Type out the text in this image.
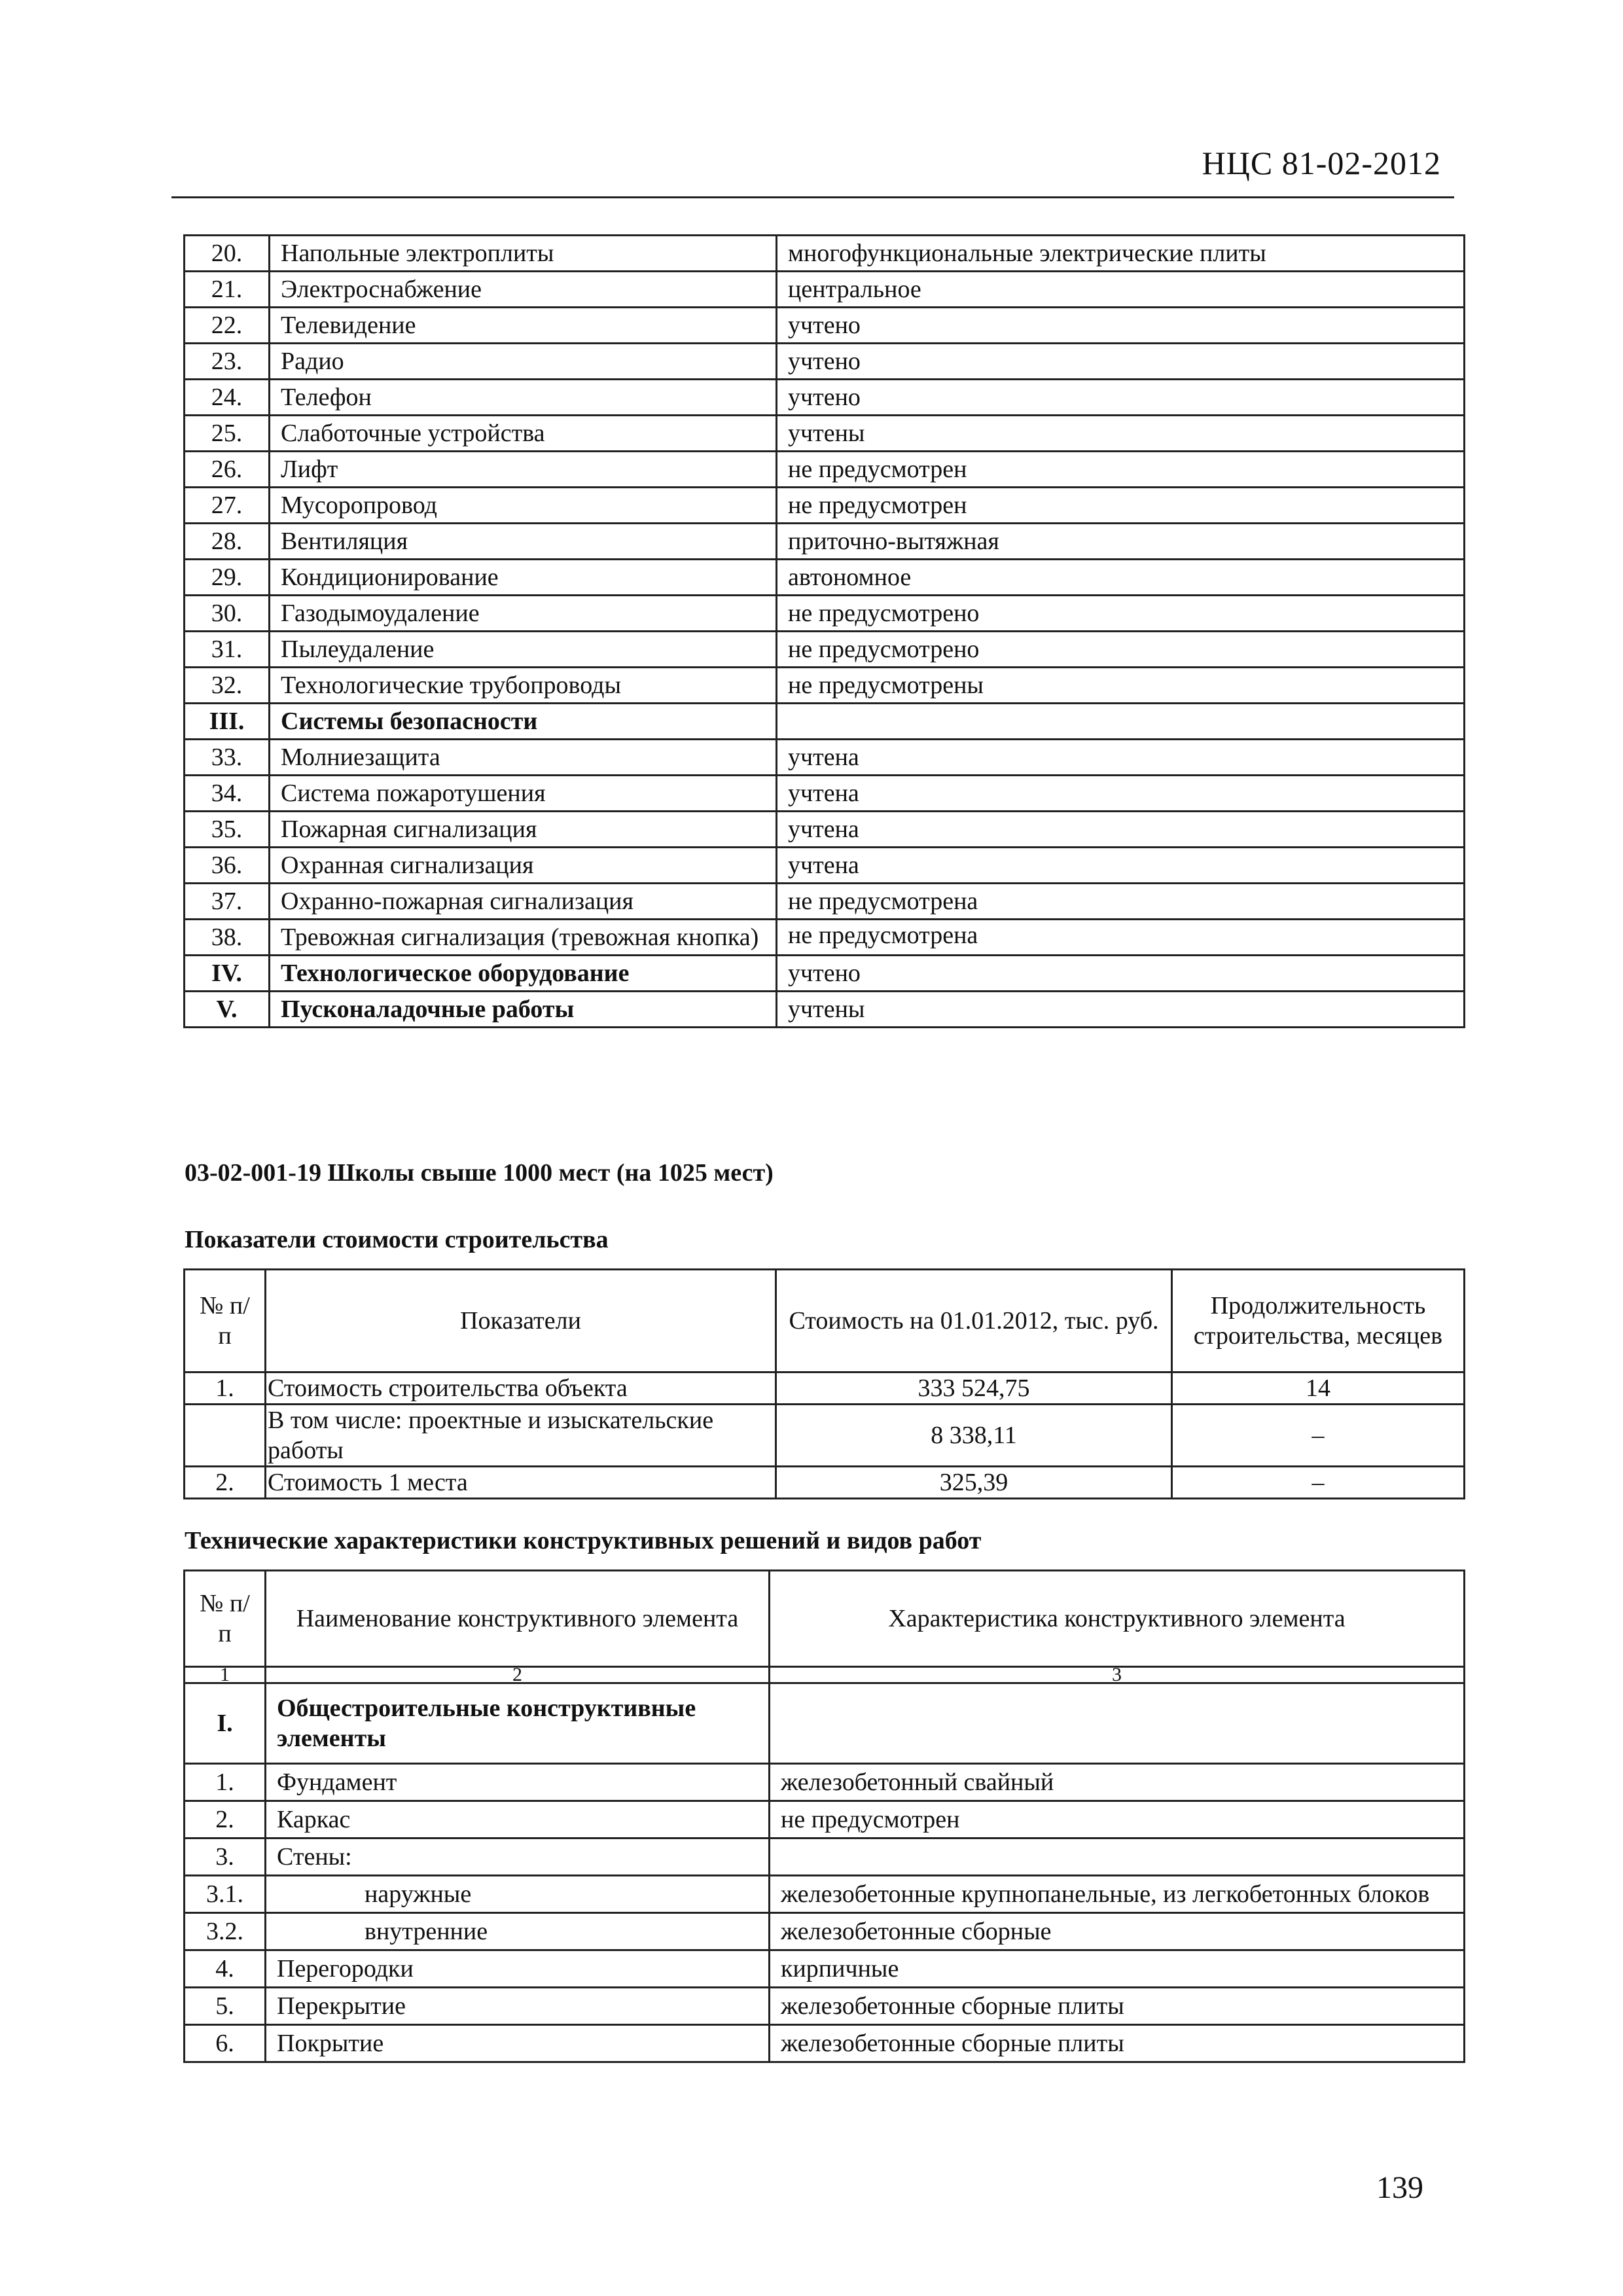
НЦС 81-02-2012
20.	Напольные электроплиты	многофункциональные электрические плиты
21.	Электроснабжение	центральное
22.	Телевидение	учтено
23.	Радио	учтено
24.	Телефон	учтено
25.	Слаботочные устройства	учтены
26.	Лифт	не предусмотрен
27.	Мусоропровод	не предусмотрен
28.	Вентиляция	приточно-вытяжная
29.	Кондиционирование	автономное
30.	Газодымоудаление	не предусмотрено
31.	Пылеудаление	не предусмотрено
32.	Технологические трубопроводы	не предусмотрены
III.	Системы безопасности	
33.	Молниезащита	учтена
34.	Система пожаротушения	учтена
35.	Пожарная сигнализация	учтена
36.	Охранная сигнализация	учтена
37.	Охранно-пожарная сигнализация	не предусмотрена
38.	Тревожная сигнализация (тревожная кнопка)	не предусмотрена
IV.	Технологическое оборудование	учтено
V.	Пусконаладочные работы	учтены
03-02-001-19 Школы свыше 1000 мест (на 1025 мест)
Показатели стоимости строительства
№ п/п	Показатели	Стоимость на 01.01.2012, тыс. руб.	Продолжительность строительства, месяцев
1.	Стоимость строительства объекта	333 524,75	14
	В том числе: проектные и изыскательские работы	8 338,11	–
2.	Стоимость 1 места	325,39	–
Технические характеристики конструктивных решений и видов работ
№ п/п	Наименование конструктивного элемента	Характеристика конструктивного элемента
1	2	3
I.	Общестроительные конструктивные элементы	
1.	Фундамент	железобетонный свайный
2.	Каркас	не предусмотрен
3.	Стены:	
3.1.	наружные	железобетонные крупнопанельные, из легкобетонных блоков
3.2.	внутренние	железобетонные сборные
4.	Перегородки	кирпичные
5.	Перекрытие	железобетонные сборные плиты
6.	Покрытие	железобетонные сборные плиты
139
